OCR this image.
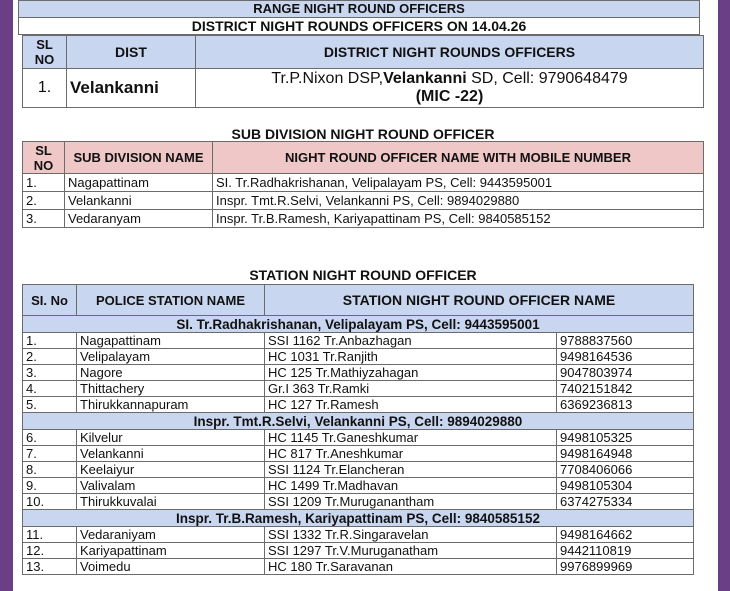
RANGE NIGHT ROUND OFFICERS
DISTRICT NIGHT ROUNDS OFFICERS ON 14.04.26
SL NO	DIST	DISTRICT NIGHT ROUNDS OFFICERS
1.	Velankanni	Tr.P.Nixon DSP,Velankanni SD, Cell: 9790648479
(MIC -22)
SUB DIVISION NIGHT ROUND OFFICER
SL NO	SUB DIVISION NAME	NIGHT ROUND OFFICER NAME WITH MOBILE NUMBER
1.	Nagapattinam	SI. Tr.Radhakrishanan, Velipalayam PS, Cell: 9443595001
2.	Velankanni	Inspr. Tmt.R.Selvi, Velankanni PS, Cell: 9894029880
3.	Vedaranyam	Inspr. Tr.B.Ramesh, Kariyapattinam PS, Cell: 9840585152
STATION NIGHT ROUND OFFICER
SI. No	POLICE STATION NAME	STATION NIGHT ROUND OFFICER NAME	
SI. Tr.Radhakrishanan, Velipalayam PS, Cell: 9443595001			
1.	Nagapattinam	SSI 1162 Tr.Anbazhagan	9788837560
2.	Velipalayam	HC 1031 Tr.Ranjith	9498164536
3.	Nagore	HC 125 Tr.Mathiyzahagan	9047803974
4.	Thittachery	Gr.I 363 Tr.Ramki	7402151842
5.	Thirukkannapuram	HC 127 Tr.Ramesh	6369236813
Inspr. Tmt.R.Selvi, Velankanni PS, Cell: 9894029880			
6.	Kilvelur	HC 1145 Tr.Ganeshkumar	9498105325
7.	Velankanni	HC 817 Tr.Aneshkumar	9498164948
8.	Keelaiyur	SSI 1124 Tr.Elancheran	7708406066
9.	Valivalam	HC 1499 Tr.Madhavan	9498105304
10.	Thirukkuvalai	SSI 1209 Tr.Muruganantham	6374275334
Inspr. Tr.B.Ramesh, Kariyapattinam PS, Cell: 9840585152			
11.	Vedaraniyam	SSI 1332 Tr.R.Singaravelan	9498164662
12.	Kariyapattinam	SSI 1297 Tr.V.Muruganatham	9442110819
13.	Voimedu	HC 180 Tr.Saravanan	9976899969
